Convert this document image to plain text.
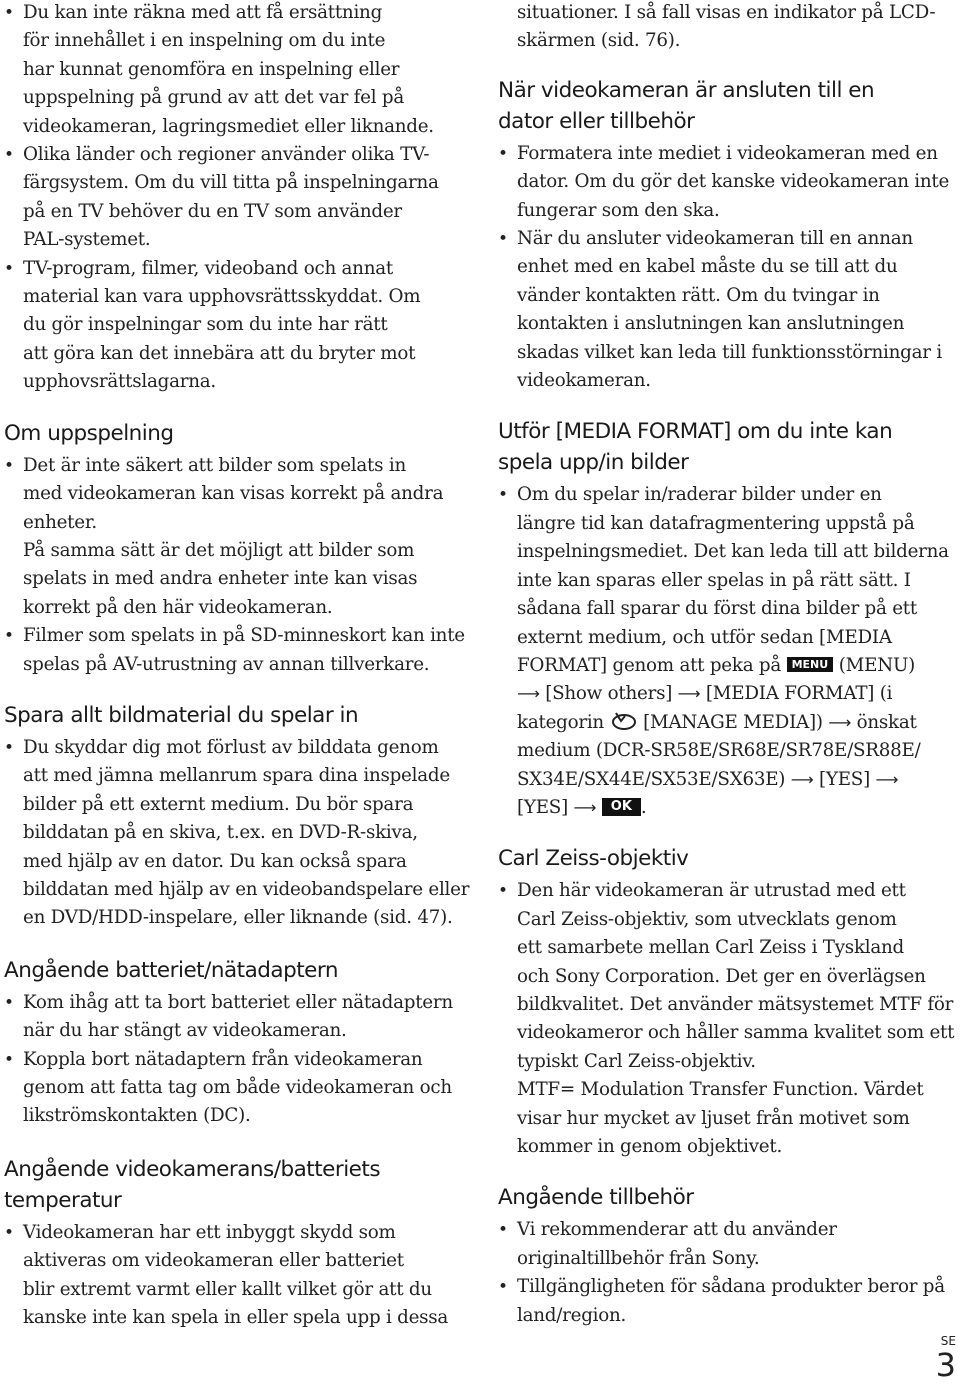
• Du kan inte räkna med att få ersättning
för innehållet i en inspelning om du inte
har kunnat genomföra en inspelning eller
uppspelning på grund av att det var fel på
videokameran, lagringsmediet eller liknande.
• Olika länder och regioner använder olika TV-
färgsystem. Om du vill titta på inspelningarna
på en TV behöver du en TV som använder
PAL-systemet.
• TV-program, filmer, videoband och annat
material kan vara upphovsrättsskyddat. Om
du gör inspelningar som du inte har rätt
att göra kan det innebära att du bryter mot
upphovsrättslagarna.
Om uppspelning
• Det är inte säkert att bilder som spelats in
med videokameran kan visas korrekt på andra
enheter.
På samma sätt är det möjligt att bilder som
spelats in med andra enheter inte kan visas
korrekt på den här videokameran.
• Filmer som spelats in på SD-minneskort kan inte
spelas på AV-utrustning av annan tillverkare.
Spara allt bildmaterial du spelar in
• Du skyddar dig mot förlust av bilddata genom
att med jämna mellanrum spara dina inspelade
bilder på ett externt medium. Du bör spara
bilddatan på en skiva, t.ex. en DVD-R-skiva,
med hjälp av en dator. Du kan också spara
bilddatan med hjälp av en videobandspelare eller
en DVD/HDD-inspelare, eller liknande (sid. 47).
Angående batteriet/nätadaptern
• Kom ihåg att ta bort batteriet eller nätadaptern
när du har stängt av videokameran.
• Koppla bort nätadaptern från videokameran
genom att fatta tag om både videokameran och
likströmskontakten (DC).
Angående videokamerans/batteriets
temperatur
• Videokameran har ett inbyggt skydd som
aktiveras om videokameran eller batteriet
blir extremt varmt eller kallt vilket gör att du
kanske inte kan spela in eller spela upp i dessa
situationer. I så fall visas en indikator på LCD-
skärmen (sid. 76).
När videokameran är ansluten till en
dator eller tillbehör
• Formatera inte mediet i videokameran med en
dator. Om du gör det kanske videokameran inte
fungerar som den ska.
• När du ansluter videokameran till en annan
enhet med en kabel måste du se till att du
vänder kontakten rätt. Om du tvingar in
kontakten i anslutningen kan anslutningen
skadas vilket kan leda till funktionsstörningar i
videokameran.
Utför [MEDIA FORMAT] om du inte kan
spela upp/in bilder
• Om du spelar in/raderar bilder under en
längre tid kan datafragmentering uppstå på
inspelningsmediet. Det kan leda till att bilderna
inte kan sparas eller spelas in på rätt sätt. I
sådana fall sparar du först dina bilder på ett
externt medium, och utför sedan [MEDIA
FORMAT] genom att peka på MENU (MENU)
⟶ [Show others] ⟶ [MEDIA FORMAT] (i
kategorin [MANAGE MEDIA]) ⟶ önskat
medium (DCR-SR58E/SR68E/SR78E/SR88E/
SX34E/SX44E/SX53E/SX63E) ⟶ [YES] ⟶
[YES] ⟶ OK .
Carl Zeiss-objektiv
• Den här videokameran är utrustad med ett
Carl Zeiss-objektiv, som utvecklats genom
ett samarbete mellan Carl Zeiss i Tyskland
och Sony Corporation. Det ger en överlägsen
bildkvalitet. Det använder mätsystemet MTF för
videokameror och håller samma kvalitet som ett
typiskt Carl Zeiss-objektiv.
MTF= Modulation Transfer Function. Värdet
visar hur mycket av ljuset från motivet som
kommer in genom objektivet.
Angående tillbehör
• Vi rekommenderar att du använder
originaltillbehör från Sony.
• Tillgängligheten för sådana produkter beror på
land/region.
SE
3
